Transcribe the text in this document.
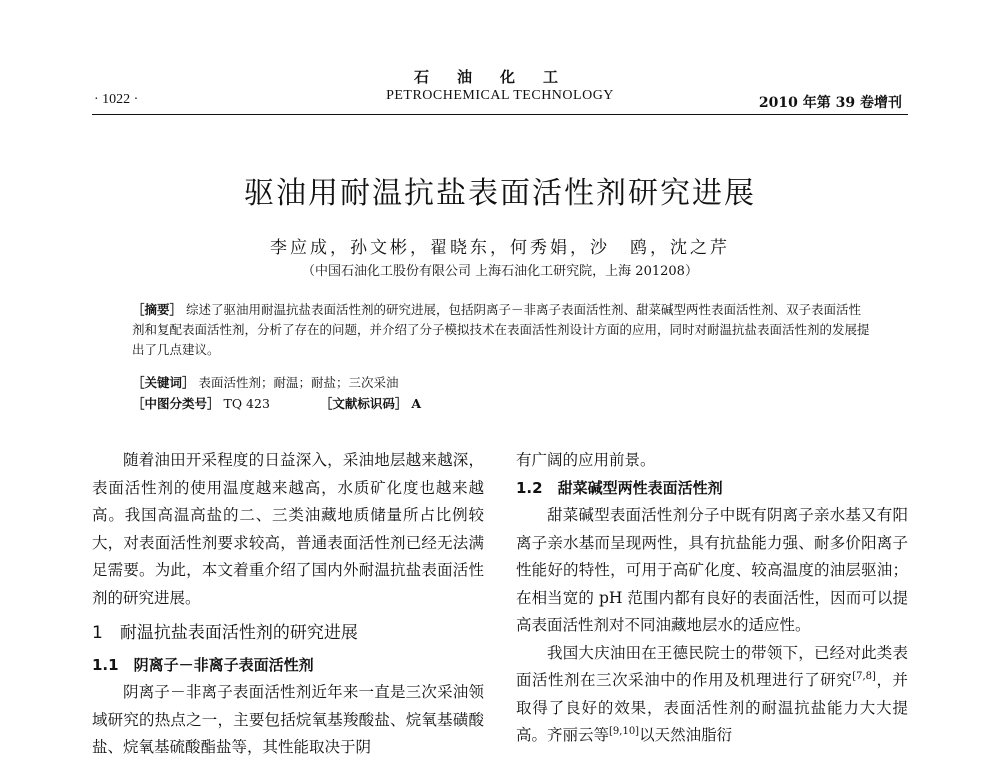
石油化工
PETROCHEMICAL TECHNOLOGY
· 1022 ·	2010 年第 39 卷增刊
驱油用耐温抗盐表面活性剂研究进展
李应成，孙文彬，翟晓东，何秀娟，沙　鸥，沈之芹
（中国石油化工股份有限公司 上海石油化工研究院，上海 201208）

［摘要］ 综述了驱油用耐温抗盐表面活性剂的研究进展，包括阴离子－非离子表面活性剂、甜菜碱型两性表面活性剂、双子表面活性剂和复配表面活性剂，分析了存在的问题，并介绍了分子模拟技术在表面活性剂设计方面的应用，同时对耐温抗盐表面活性剂的发展提出了几点建议。

［关键词］ 表面活性剂；耐温；耐盐；三次采油
［中图分类号］ TQ 423	［文献标识码］ A

随着油田开采程度的日益深入，采油地层越来越深，表面活性剂的使用温度越来越高，水质矿化度也越来越高。我国高温高盐的二、三类油藏地质储量所占比例较大，对表面活性剂要求较高，普通表面活性剂已经无法满足需要。为此，本文着重介绍了国内外耐温抗盐表面活性剂的研究进展。

1　耐温抗盐表面活性剂的研究进展

1.1　阴离子－非离子表面活性剂

阴离子－非离子表面活性剂近年来一直是三次采油领域研究的热点之一，主要包括烷氧基羧酸盐、烷氧基磺酸盐、烷氧基硫酸酯盐等，其性能取决于阴

有广阔的应用前景。

1.2　甜菜碱型两性表面活性剂

甜菜碱型表面活性剂分子中既有阴离子亲水基又有阳离子亲水基而呈现两性，具有抗盐能力强、耐多价阳离子性能好的特性，可用于高矿化度、较高温度的油层驱油；在相当宽的 pH 范围内都有良好的表面活性，因而可以提高表面活性剂对不同油藏地层水的适应性。

我国大庆油田在王德民院士的带领下，已经对此类表面活性剂在三次采油中的作用及机理进行了研究[7,8]，并取得了良好的效果，表面活性剂的耐温抗盐能力大大提高。齐丽云等[9,10]以天然油脂衍
